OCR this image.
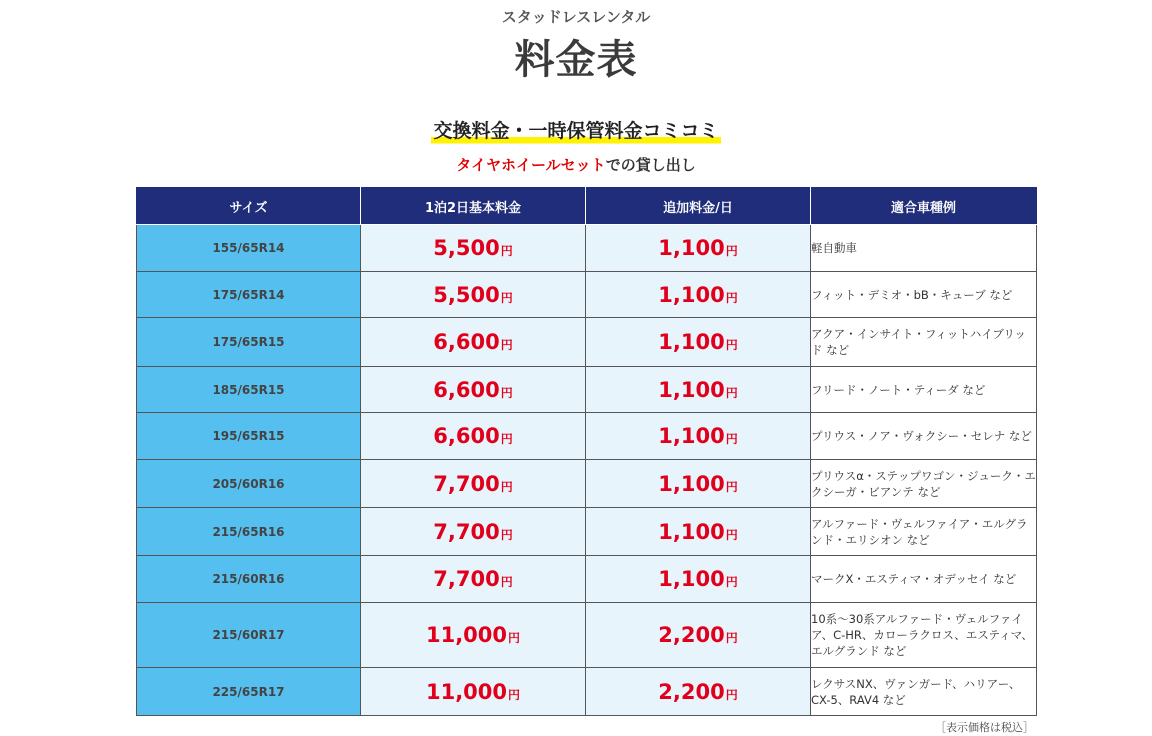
スタッドレスレンタル
料金表
交換料金・一時保管料金コミコミ
タイヤホイールセットでの貸し出し
サイズ	1泊2日基本料金	追加料金/日	適合車種例
155/65R14	5,500円	1,100円	軽自動車
175/65R14	5,500円	1,100円	フィット・デミオ・bB・キューブ など
175/65R15	6,600円	1,100円	アクア・インサイト・フィットハイブリッド など
185/65R15	6,600円	1,100円	フリード・ノート・ティーダ など
195/65R15	6,600円	1,100円	プリウス・ノア・ヴォクシー・セレナ など
205/60R16	7,700円	1,100円	プリウスα・ステップワゴン・ジューク・エクシーガ・ビアンテ など
215/65R16	7,700円	1,100円	アルファード・ヴェルファイア・エルグランド・エリシオン など
215/60R16	7,700円	1,100円	マークX・エスティマ・オデッセイ など
215/60R17	11,000円	2,200円	10系〜30系アルファード・ヴェルファイア、C-HR、カローラクロス、エスティマ、エルグランド など
225/65R17	11,000円	2,200円	レクサスNX、ヴァンガード、ハリアー、CX-5、RAV4 など
［表示価格は税込］
